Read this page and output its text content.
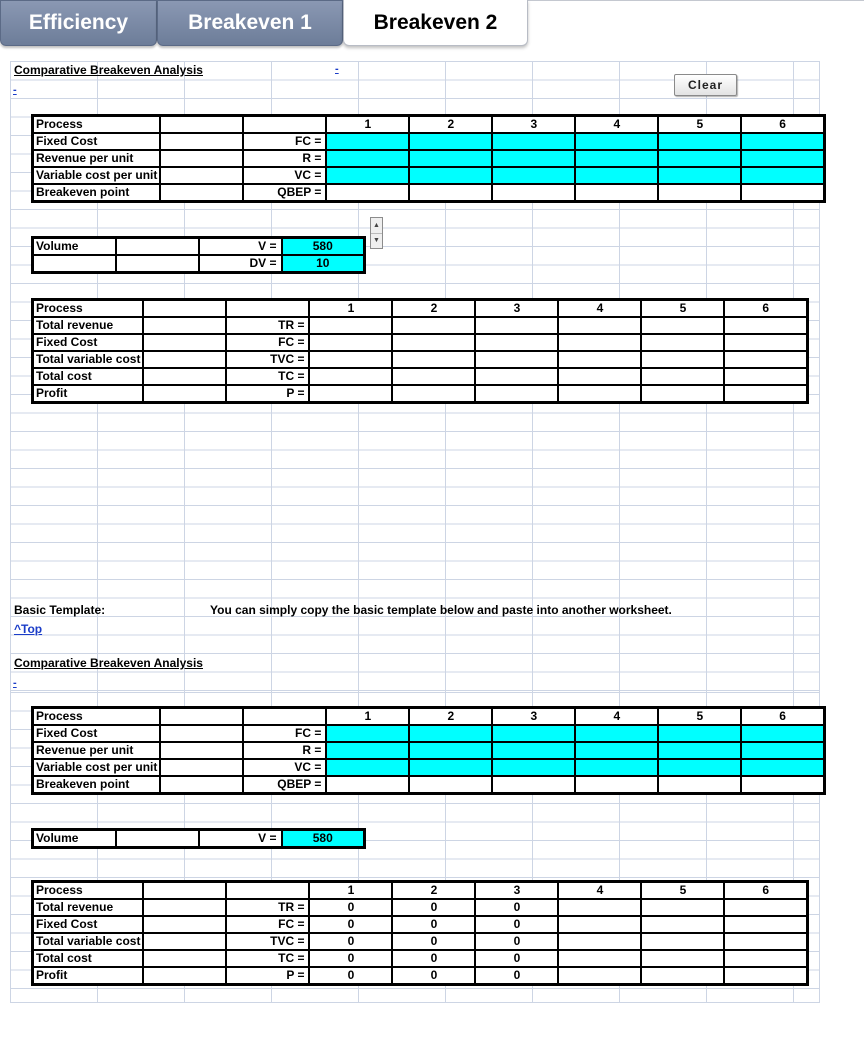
Efficiency	Breakeven 1	Breakeven 2
Comparative Breakeven Analysis	-
-	Clear
Process			1	2	3	4	5	6
Fixed Cost		FC =						
Revenue per unit		R =						
Variable cost per unit		VC =						
Breakeven point		QBEP =						
Volume		V =	580
		DV =	10
▲
▼
Process			1	2	3	4	5	6
Total revenue		TR =						
Fixed Cost		FC =						
Total variable cost		TVC =						
Total cost		TC =						
Profit		P =						
Basic Template:	You can simply copy the basic template below and paste into another worksheet.
^Top
Comparative Breakeven Analysis
-
Process			1	2	3	4	5	6
Fixed Cost		FC =						
Revenue per unit		R =						
Variable cost per unit		VC =						
Breakeven point		QBEP =						
Volume		V =	580
Process			1	2	3	4	5	6
Total revenue		TR =	0	0	0			
Fixed Cost		FC =	0	0	0			
Total variable cost		TVC =	0	0	0			
Total cost		TC =	0	0	0			
Profit		P =	0	0	0			
